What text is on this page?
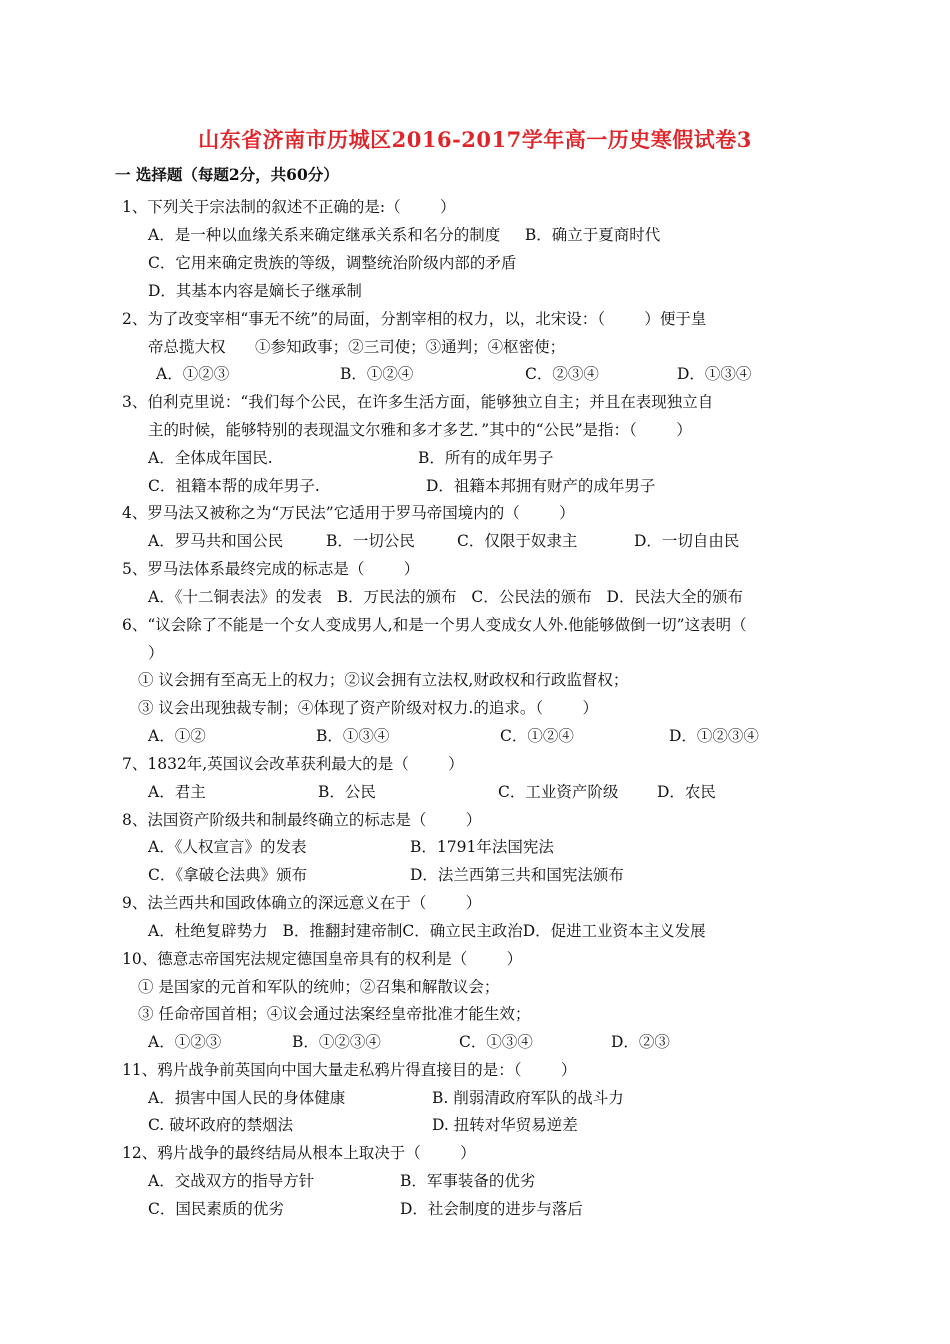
山东省济南市历城区2016-2017学年高一历史寒假试卷3
一 选择题（每题2分，共60分）
1、下列关于宗法制的叙述不正确的是:（        ）
A．是一种以血缘关系来确定继承关系和名分的制度     B．确立于夏商时代
C．它用来确定贵族的等级，调整统治阶级内部的矛盾
D．其基本内容是嫡长子继承制
2、为了改变宰相“事无不统”的局面，分割宰相的权力，以，北宋设：（        ）便于皇
帝总揽大权      ①参知政事；②三司使；③通判；④枢密使；
A．①②③	B．①②④	C．②③④	D．①③④
3、伯利克里说：“我们每个公民，在许多生活方面，能够独立自主；并且在表现独立自
主的时候，能够特别的表现温文尔雅和多才多艺．”其中的“公民”是指：（        ）
A．全体成年国民.	B．所有的成年男子
C．祖籍本帮的成年男子.	D．祖籍本邦拥有财产的成年男子
4、罗马法又被称之为“万民法”它适用于罗马帝国境内的（        ）
A．罗马共和国公民	B．一切公民	C．仅限于奴隶主	D．一切自由民
5、罗马法体系最终完成的标志是（        ）
A．《十二铜表法》的发表   B．万民法的颁布   C．公民法的颁布   D．民法大全的颁布
6、“议会除了不能是一个女人变成男人,和是一个男人变成女人外.他能够做倒一切”这表明（
）
① 议会拥有至高无上的权力；②议会拥有立法权,财政权和行政监督权；
③ 议会出现独裁专制；④体现了资产阶级对权力.的追求。（        ）
A．①②	B．①③④	C．①②④	D．①②③④
7、1832年,英国议会改革获利最大的是（        ）
A．君主	B．公民	C．工业资产阶级 D．农民
8、法国资产阶级共和制最终确立的标志是（        ）
A．《人权宣言》的发表	B．1791年法国宪法
C．《拿破仑法典》颁布	D．法兰西第三共和国宪法颁布
9、法兰西共和国政体确立的深远意义在于（        ）
A．杜绝复辟势力   B．推翻封建帝制C．确立民主政治D．促进工业资本主义发展
10、德意志帝国宪法规定德国皇帝具有的权利是（        ）
① 是国家的元首和军队的统帅；②召集和解散议会；
③ 任命帝国首相；④议会通过法案经皇帝批准才能生效；
A．①②③	B．①②③④	C．①③④	D．②③
11、鸦片战争前英国向中国大量走私鸦片得直接目的是：（        ）
A．损害中国人民的身体健康	B. 削弱清政府军队的战斗力
C. 破坏政府的禁烟法	D. 扭转对华贸易逆差
12、鸦片战争的最终结局从根本上取决于（        ）
A．交战双方的指导方针	B．军事装备的优劣
C．国民素质的优劣	D．社会制度的进步与落后
